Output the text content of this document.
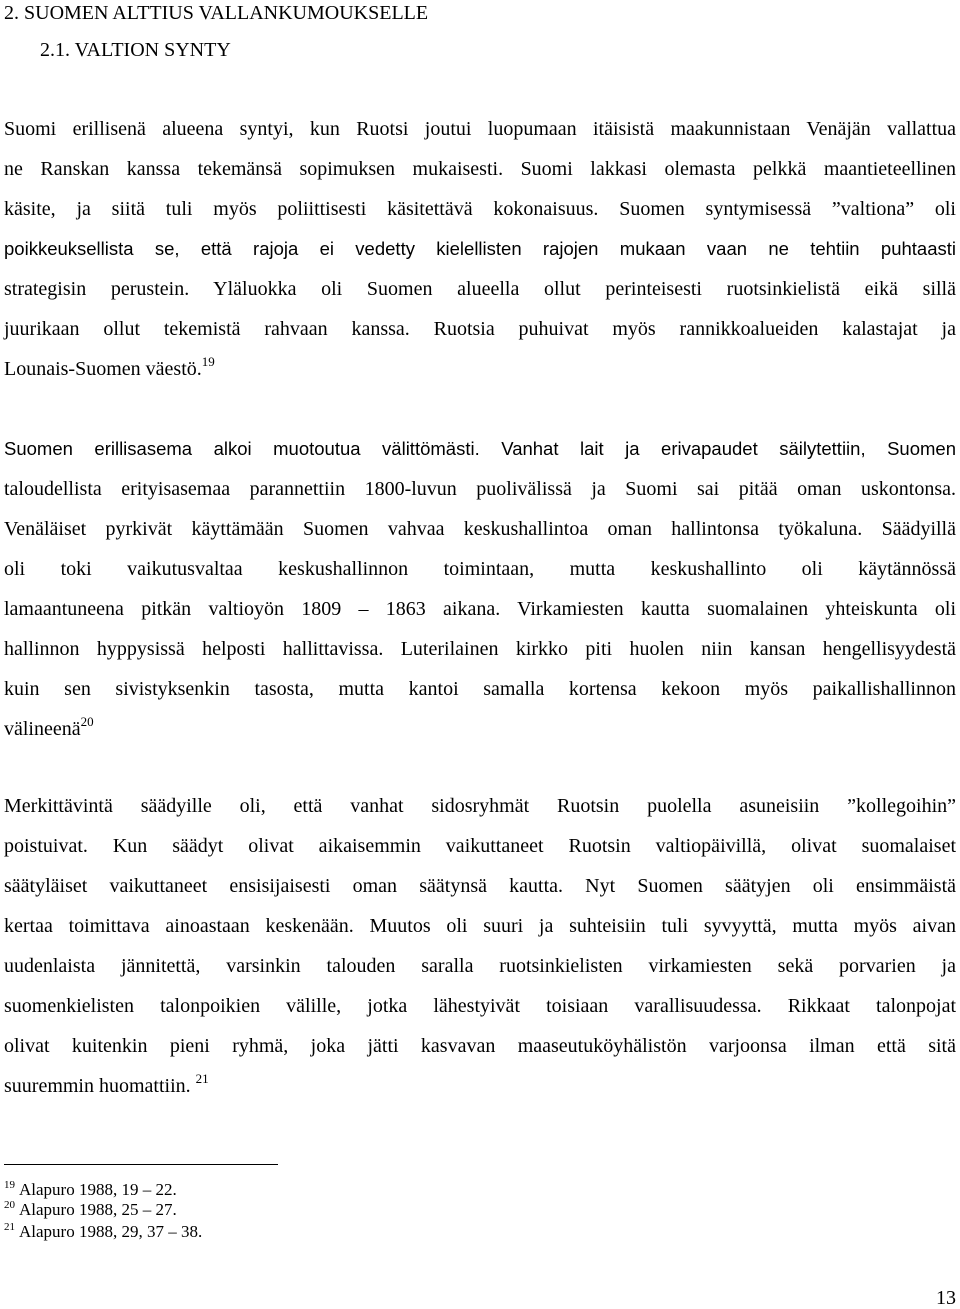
2. SUOMEN ALTTIUS VALLANKUMOUKSELLE
2.1. VALTION SYNTY
Suomi erillisenä alueena syntyi, kun Ruotsi joutui luopumaan itäisistä maakunnistaan Venäjän vallattua
ne Ranskan kanssa tekemänsä sopimuksen mukaisesti. Suomi lakkasi olemasta pelkkä maantieteellinen
käsite, ja siitä tuli myös poliittisesti käsitettävä kokonaisuus. Suomen syntymisessä ”valtiona” oli
poikkeuksellista se, että rajoja ei vedetty kielellisten rajojen mukaan vaan ne tehtiin puhtaasti
strategisin perustein. Yläluokka oli Suomen alueella ollut perinteisesti ruotsinkielistä eikä sillä
juurikaan ollut tekemistä rahvaan kanssa. Ruotsia puhuivat myös rannikkoalueiden kalastajat ja
Lounais-Suomen väestö.$^{19}$
Suomen erillisasema alkoi muotoutua välittömästi. Vanhat lait ja erivapaudet säilytettiin, Suomen
taloudellista erityisasemaa parannettiin 1800-luvun puolivälissä ja Suomi sai pitää oman uskontonsa.
Venäläiset pyrkivät käyttämään Suomen vahvaa keskushallintoa oman hallintonsa työkaluna. Säädyillä
oli toki vaikutusvaltaa keskushallinnon toimintaan, mutta keskushallinto oli käytännössä
lamaantuneena pitkän valtioyön 1809 – 1863 aikana. Virkamiesten kautta suomalainen yhteiskunta oli
hallinnon hyppysissä helposti hallittavissa. Luterilainen kirkko piti huolen niin kansan hengellisyydestä
kuin sen sivistyksenkin tasosta, mutta kantoi samalla kortensa kekoon myös paikallishallinnon
välineenä$^{20}$
Merkittävintä säädyille oli, että vanhat sidosryhmät Ruotsin puolella asuneisiin ”kollegoihin”
poistuivat. Kun säädyt olivat aikaisemmin vaikuttaneet Ruotsin valtiopäivillä, olivat suomalaiset
säätyläiset vaikuttaneet ensisijaisesti oman säätynsä kautta. Nyt Suomen säätyjen oli ensimmäistä
kertaa toimittava ainoastaan keskenään. Muutos oli suuri ja suhteisiin tuli syvyyttä, mutta myös aivan
uudenlaista jännitettä, varsinkin talouden saralla ruotsinkielisten virkamiesten sekä porvarien ja
suomenkielisten talonpoikien välille, jotka lähestyivät toisiaan varallisuudessa. Rikkaat talonpojat
olivat kuitenkin pieni ryhmä, joka jätti kasvavan maaseutuköyhälistön varjoonsa ilman että sitä
suuremmin huomattiin. $^{21}$
$^{19}$ Alapuro 1988, 19 – 22.
$^{20}$ Alapuro 1988, 25 – 27.
$^{21}$ Alapuro 1988, 29, 37 – 38.
13
